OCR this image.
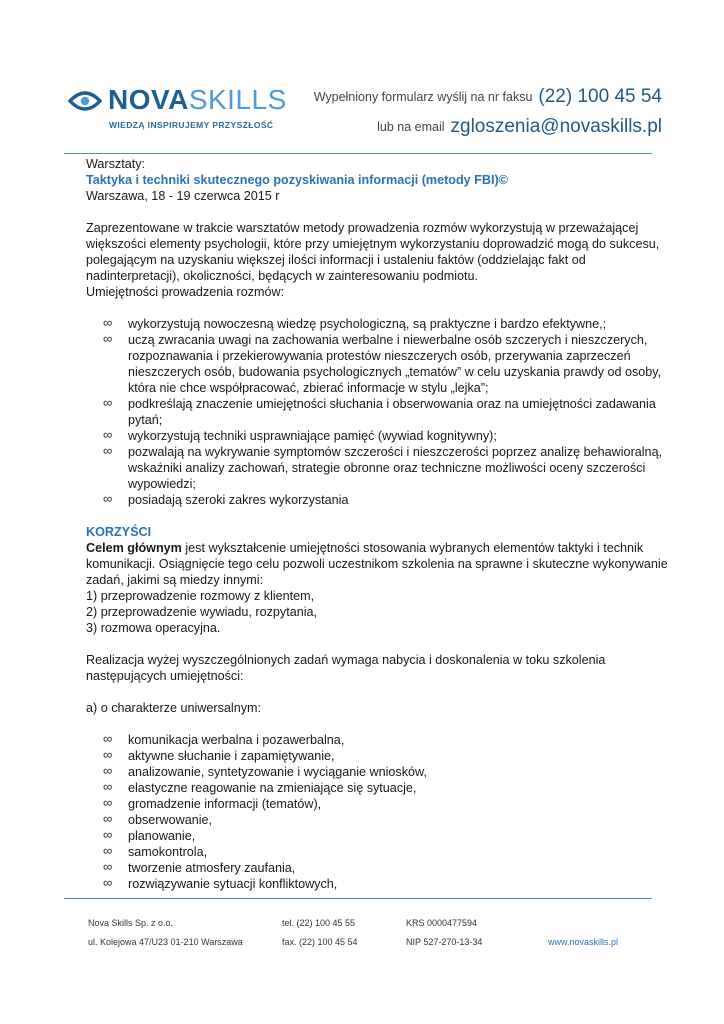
NOVASKILLS
WIEDZĄ INSPIRUJEMY PRZYSZŁOŚĆ
Wypełniony formularz wyślij na nr faksu (22) 100 45 54
lub na email zgloszenia@novaskills.pl

Warsztaty:

Taktyka i techniki skutecznego pozyskiwania informacji (metody FBI)©

Warszawa, 18 - 19 czerwca 2015 r

Zaprezentowane w trakcie warsztatów metody prowadzenia rozmów wykorzystują w przeważającej większości elementy psychologii, które przy umiejętnym wykorzystaniu doprowadzić mogą do sukcesu, polegającym na uzyskaniu większej ilości informacji i ustaleniu faktów (oddzielając fakt od nadinterpretacji), okoliczności, będących w zainteresowaniu podmiotu.

Umiejętności prowadzenia rozmów:

∞ wykorzystują nowoczesną wiedzę psychologiczną, są praktyczne i bardzo efektywne,;
∞ uczą zwracania uwagi na zachowania werbalne i niewerbalne osób szczerych i nieszczerych, rozpoznawania i przekierowywania protestów nieszczerych osób, przerywania zaprzeczeń nieszczerych osób, budowania psychologicznych „tematów” w celu uzyskania prawdy od osoby, która nie chce współpracować, zbierać informacje w stylu „lejka”;
∞ podkreślają znaczenie umiejętności słuchania i obserwowania oraz na umiejętności zadawania pytań;
∞ wykorzystują techniki usprawniające pamięć (wywiad kognitywny);
∞ pozwalają na wykrywanie symptomów szczerości i nieszczerości poprzez analizę behawioralną, wskaźniki analizy zachowań, strategie obronne oraz techniczne możliwości oceny szczerości wypowiedzi;
∞ posiadają szeroki zakres wykorzystania

KORZYŚCI

Celem głównym jest wykształcenie umiejętności stosowania wybranych elementów taktyki i technik komunikacji. Osiągnięcie tego celu pozwoli uczestnikom szkolenia na sprawne i skuteczne wykonywanie zadań, jakimi są miedzy innymi:

1) przeprowadzenie rozmowy z klientem,

2) przeprowadzenie wywiadu, rozpytania,

3) rozmowa operacyjna.

Realizacja wyżej wyszczególnionych zadań wymaga nabycia i doskonalenia w toku szkolenia następujących umiejętności:

a) o charakterze uniwersalnym:

∞ komunikacja werbalna i pozawerbalna,
∞ aktywne słuchanie i zapamiętywanie,
∞ analizowanie, syntetyzowanie i wyciąganie wniosków,
∞ elastyczne reagowanie na zmieniające się sytuacje,
∞ gromadzenie informacji (tematów),
∞ obserwowanie,
∞ planowanie,
∞ samokontrola,
∞ tworzenie atmosfery zaufania,
∞ rozwiązywanie sytuacji konfliktowych,
Nova Skills Sp. z o.o.	tel. (22) 100 45 55	KRS 0000477594
ul. Kolejowa 47/U23 01-210 Warszawa	fax. (22) 100 45 54	NIP 527-270-13-34	www.novaskills.pl
